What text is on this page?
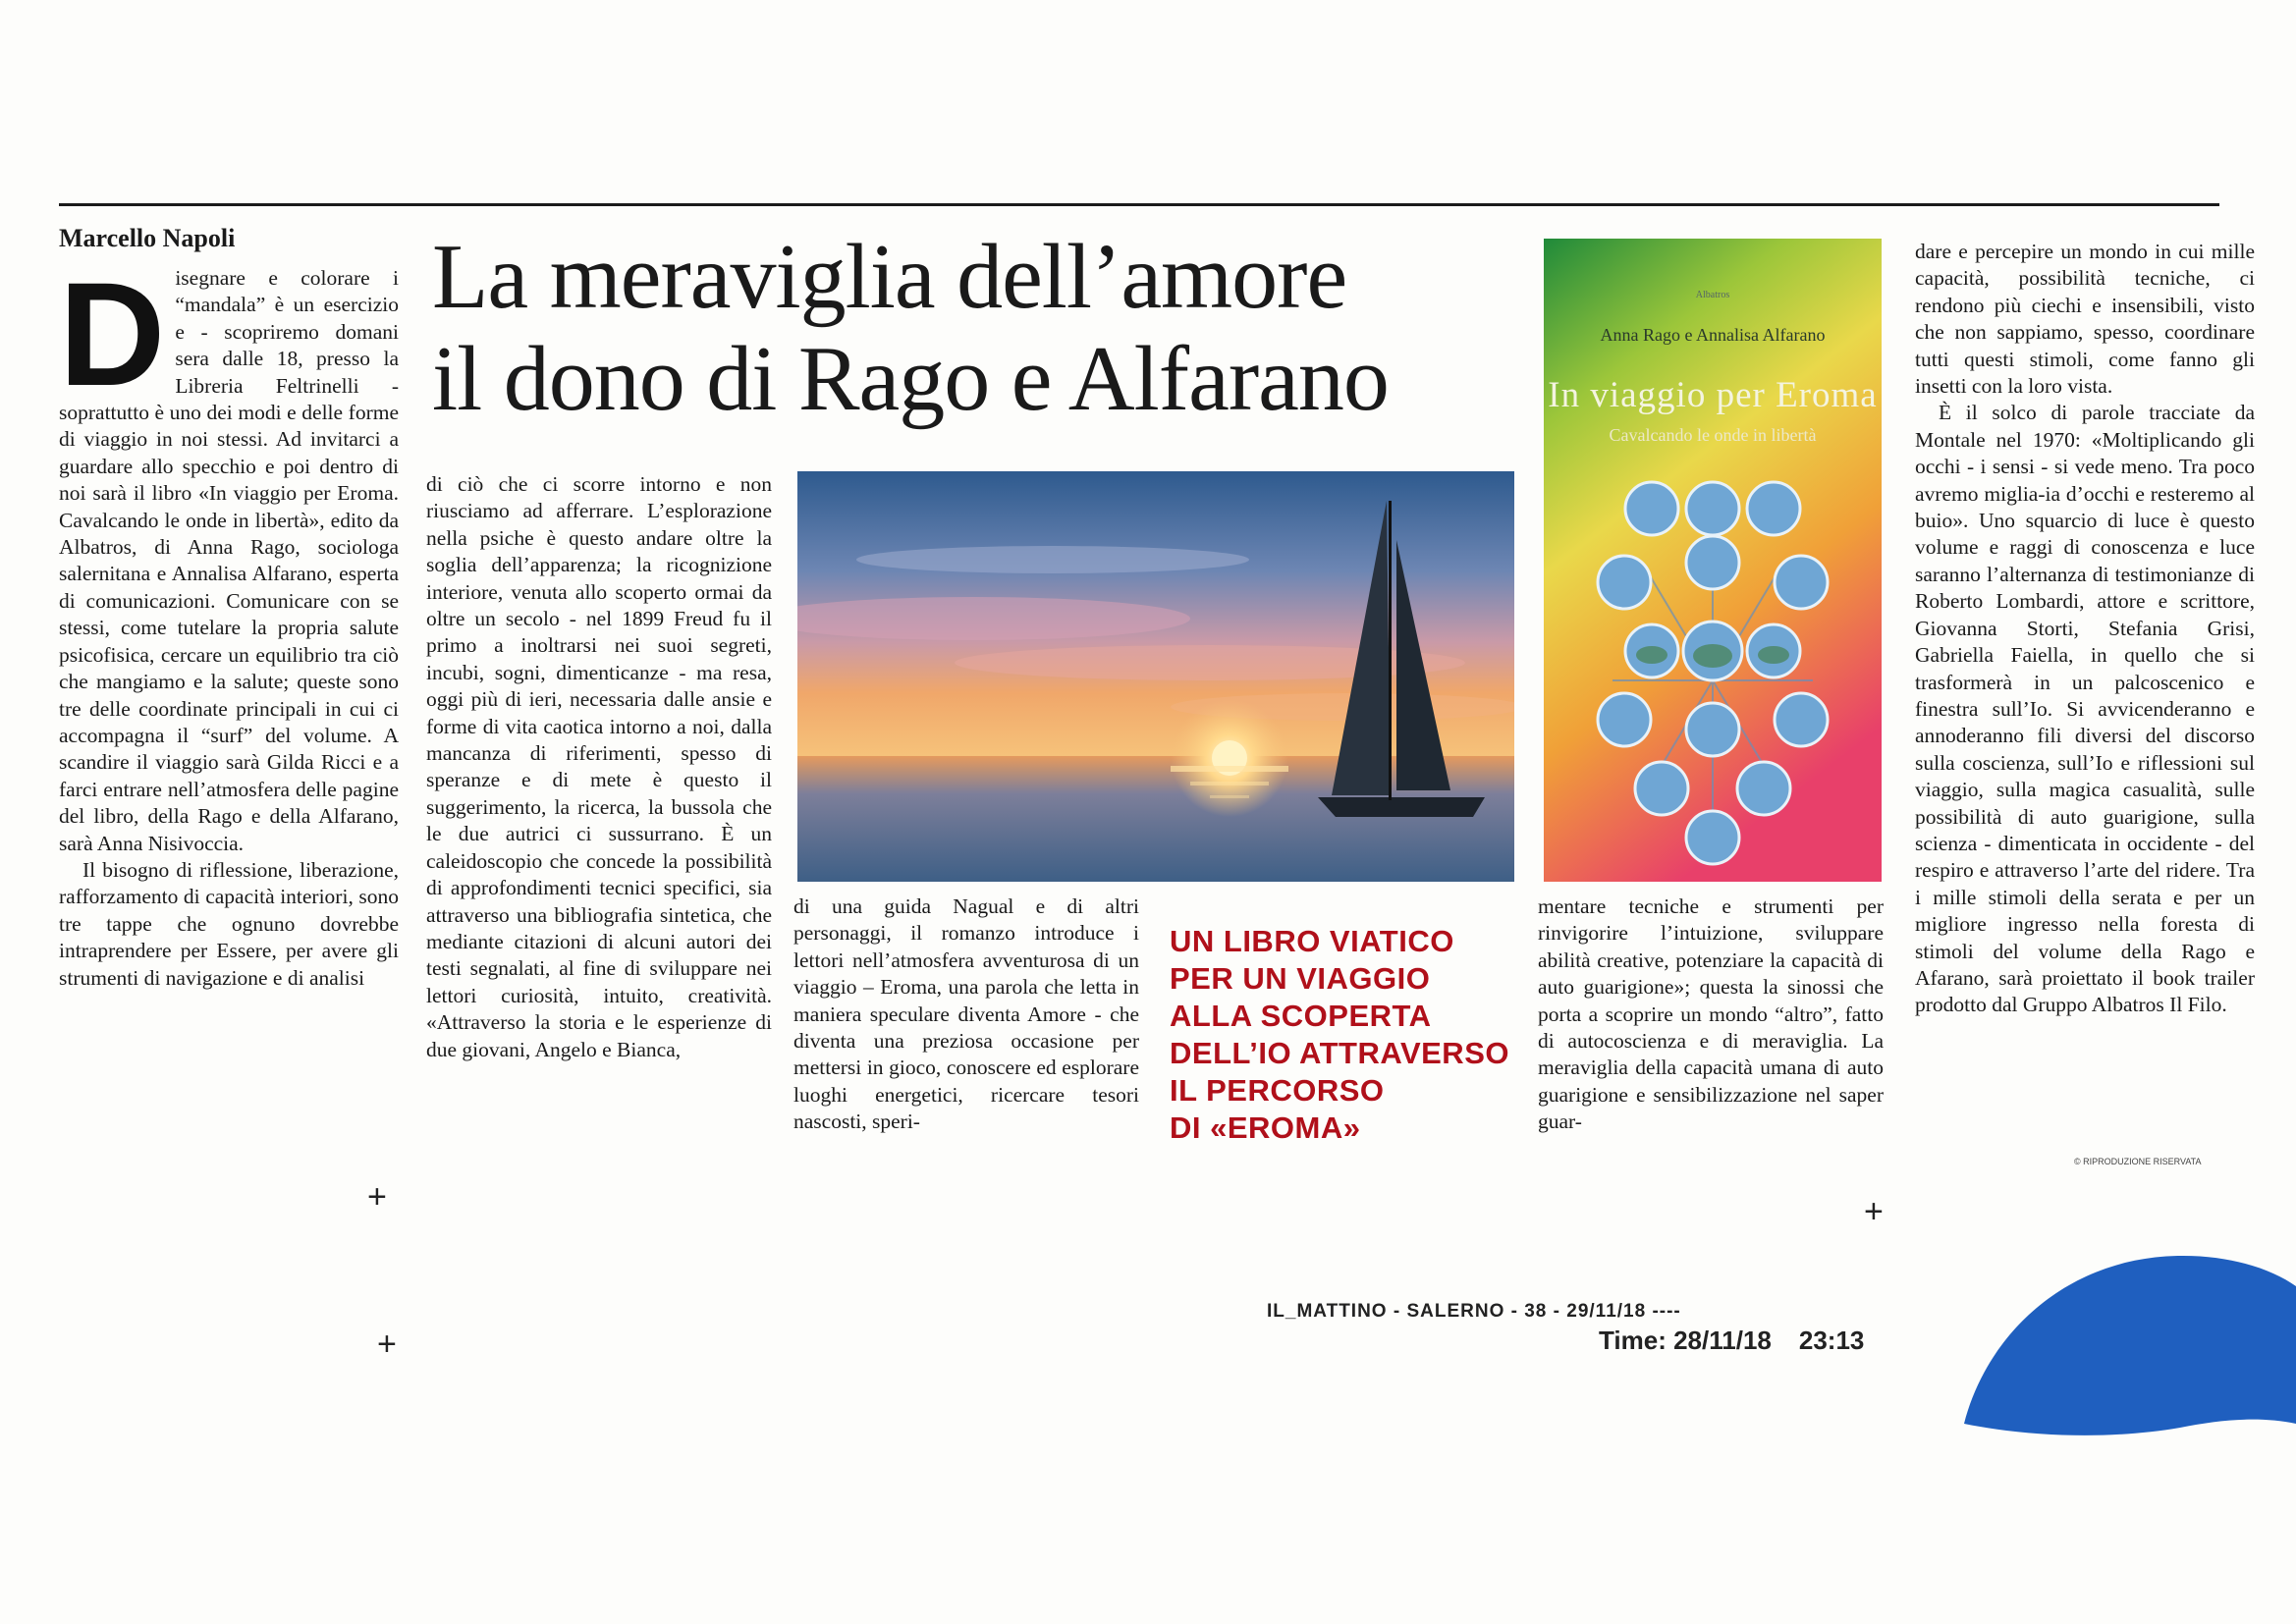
Marcello Napoli La meraviglia dell’amore
il dono di Rago e Alfarano

Disegnare e colorare i “mandala” è un esercizio e - scopriremo domani sera dalle 18, presso la Libreria Feltrinelli - soprattutto è uno dei modi e delle forme di viaggio in noi stessi. Ad invitarci a guardare allo specchio e poi dentro di noi sarà il libro «In viaggio per Eroma. Cavalcando le onde in libertà», edito da Albatros, di Anna Rago, sociologa salernitana e Annalisa Alfarano, esperta di comunicazioni. Comunicare con se stessi, come tutelare la propria salute psicofisica, cercare un equilibrio tra ciò che mangiamo e la salute; queste sono tre delle coordinate principali in cui ci accompagna il “surf” del volume. A scandire il viaggio sarà Gilda Ricci e a farci entrare nell’atmosfera delle pagine del libro, della Rago e della Alfarano, sarà Anna Nisivoccia.

Il bisogno di riflessione, liberazione, rafforzamento di capacità interiori, sono tre tappe che ognuno dovrebbe intraprendere per Essere, per avere gli strumenti di navigazione e di analisi

di ciò che ci scorre intorno e non riusciamo ad afferrare. L’esplorazione nella psiche è questo andare oltre la soglia dell’apparenza; la ricognizione interiore, venuta allo scoperto ormai da oltre un secolo - nel 1899 Freud fu il primo a inoltrarsi nei suoi segreti, incubi, sogni, dimenticanze - ma resa, oggi più di ieri, necessaria dalle ansie e forme di vita caotica intorno a noi, dalla mancanza di riferimenti, spesso di speranze e di mete è questo il suggerimento, la ricerca, la bussola che le due autrici ci sussurrano. È un caleidoscopio che concede la possibilità di approfondimenti tecnici specifici, sia attraverso una bibliografia sintetica, che mediante citazioni di alcuni autori dei testi segnalati, al fine di sviluppare nei lettori curiosità, intuito, creatività. «Attraverso la storia e le esperienze di due giovani, Angelo e Bianca,

Albatros
Anna Rago e Annalisa Alfarano
In viaggio per Eroma
Cavalcando le onde in libertà

di una guida Nagual e di altri personaggi, il romanzo introduce i lettori nell’atmosfera avventurosa di un viaggio – Eroma, una parola che letta in maniera speculare diventa Amore - che diventa una preziosa occasione per mettersi in gioco, conoscere ed esplorare luoghi energetici, ricercare tesori nascosti, speri-

UN LIBRO VIATICO
PER UN VIAGGIO
ALLA SCOPERTA
DELL’IO ATTRAVERSO
IL PERCORSO
DI «EROMA»

mentare tecniche e strumenti per rinvigorire l’intuizione, sviluppare abilità creative, potenziare la capacità di auto guarigione»; questa la sinossi che porta a scoprire un mondo “altro”, fatto di autocoscienza e di meraviglia. La meraviglia della capacità umana di auto guarigione e sensibilizzazione nel saper guar-

dare e percepire un mondo in cui mille capacità, possibilità tecniche, ci rendono più ciechi e insensibili, visto che non sappiamo, spesso, coordinare tutti questi stimoli, come fanno gli insetti con la loro vista.

È il solco di parole tracciate da Montale nel 1970: «Moltiplicando gli occhi - i sensi - si vede meno. Tra poco avremo miglia-ia d’occhi e resteremo al buio». Uno squarcio di luce è questo volume e raggi di conoscenza e luce saranno l’alternanza di testimonianze di Roberto Lombardi, attore e scrittore, Giovanna Storti, Stefania Grisi, Gabriella Faiella, in quello che si trasformerà in un palcoscenico e finestra sull’Io. Si avvicenderanno e annoderanno fili diversi del discorso sulla coscienza, sull’Io e riflessioni sul viaggio, sulla magica casualità, sulle possibilità di auto guarigione, sulla scienza - dimenticata in occidente - del respiro e attraverso l’arte del ridere. Tra i mille stimoli della serata e per un migliore ingresso nella foresta di stimoli del volume della Rago e Afarano, sarà proiettato il book trailer prodotto dal Gruppo Albatros Il Filo.

© RIPRODUZIONE RISERVATA
+	+
+
IL_MATTINO - SALERNO - 38 - 29/11/18 ----
Time: 28/11/18 23:13
